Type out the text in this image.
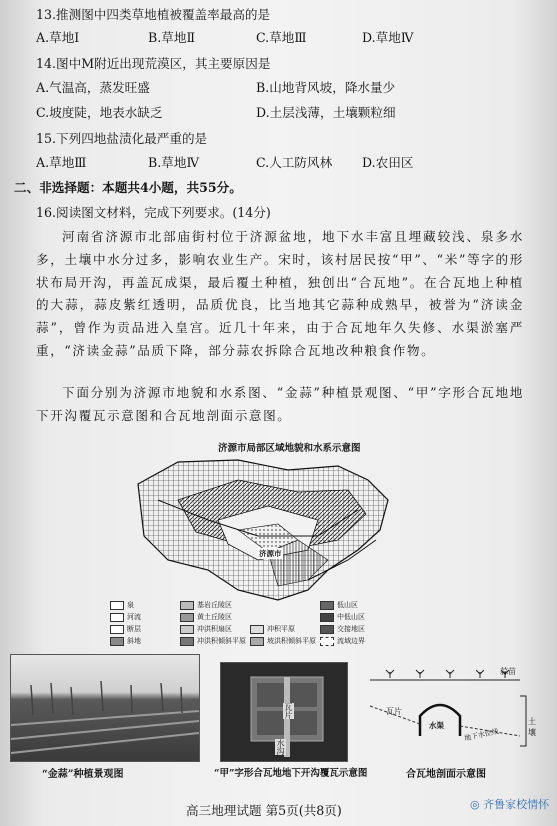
13.推测图中四类草地植被覆盖率最高的是
A.草地Ⅰ	B.草地Ⅱ	C.草地Ⅲ	D.草地Ⅳ
14.图中M附近出现荒漠区，其主要原因是
A.气温高，蒸发旺盛	B.山地背风坡，降水量少
C.坡度陡，地表水缺乏	D.土层浅薄，土壤颗粒细
15.下列四地盐渍化最严重的是
A.草地Ⅲ	B.草地Ⅳ	C.人工防风林 D.农田区
二、非选择题：本题共4小题，共55分。
16.阅读图文材料，完成下列要求。(14分)
河南省济源市北部庙街村位于济源盆地，地下水丰富且埋藏较浅、泉多水多，土壤中水分过多，影响农业生产。宋时，该村居民按“甲”、“米”等字的形状布局开沟，再盖瓦成渠，最后覆土种植，独创出“合瓦地”。在合瓦地上种植的大蒜，蒜皮紫红透明，品质优良，比当地其它蒜种成熟早，被誉为“济读金蒜”，曾作为贡品进入皇宫。近几十年来，由于合瓦地年久失修、水渠淤塞严重，“济读金蒜”品质下降，部分蒜农拆除合瓦地改种粮食作物。
下面分别为济源市地貌和水系图、“金蒜”种植景观图、“甲”字形合瓦地地下开沟覆瓦示意图和合瓦地剖面示意图。
济源市局部区域地貌和水系示意图
济源市
泉
河流
断层
斜地
基岩丘陵区
黄土丘陵区
冲洪积扇区
冲洪积倾斜平原	坡洪积倾斜平原
低山区
中低山区
交接地区
冲积平原
流域边界
“金蒜”种植景观图
瓦片
水沟
“甲”字形合瓦地地下开沟覆瓦示意图
瓦片
蒜苗
土壤
水渠
地下水位线
合瓦地剖面示意图
高三地理试题 第5页(共8页)	◎ 齐鲁家校情怀
